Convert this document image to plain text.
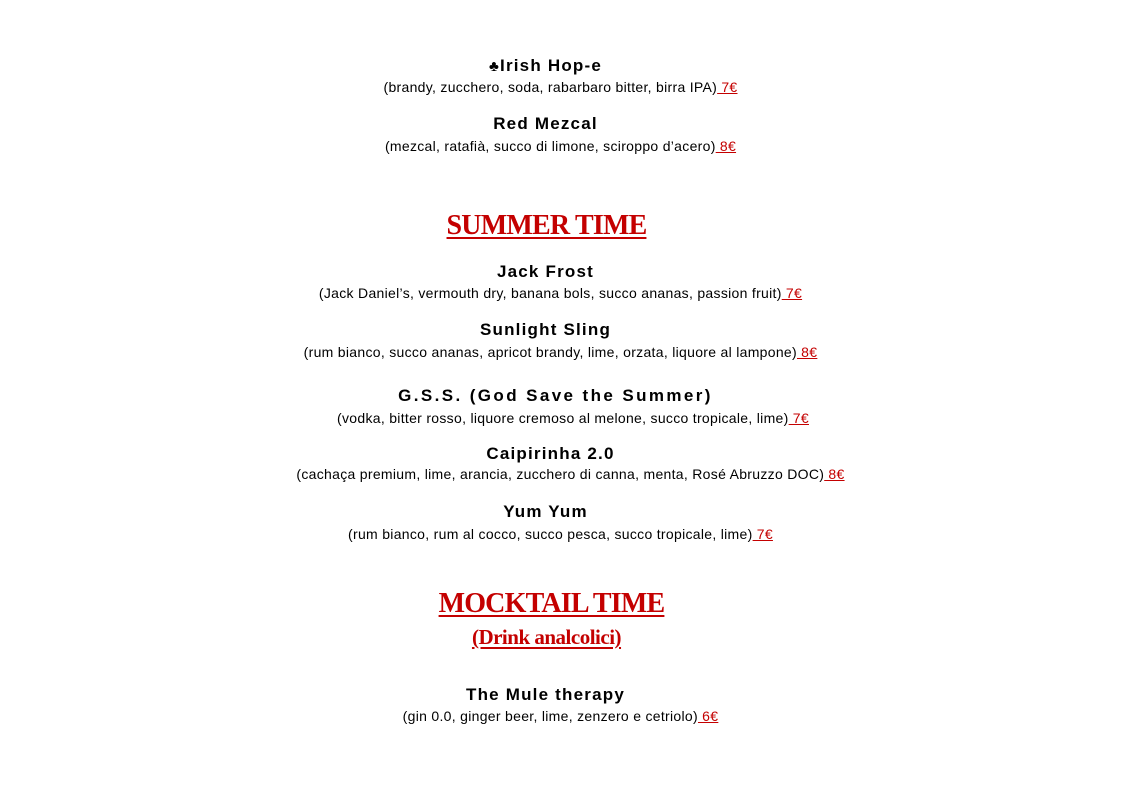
♣Irish Hop-e
(brandy, zucchero, soda, rabarbaro bitter, birra IPA) 7€
Red Mezcal
(mezcal, ratafià, succo di limone, sciroppo d’acero) 8€
SUMMER TIME
Jack Frost
(Jack Daniel’s, vermouth dry, banana bols, succo ananas, passion fruit) 7€
Sunlight Sling
(rum bianco, succo ananas, apricot brandy, lime, orzata, liquore al lampone) 8€
G.S.S. (God Save the Summer)
(vodka, bitter rosso, liquore cremoso al melone, succo tropicale, lime) 7€
Caipirinha 2.0
(cachaça premium, lime, arancia, zucchero di canna, menta, Rosé Abruzzo DOC) 8€
Yum Yum
(rum bianco, rum al cocco, succo pesca, succo tropicale, lime) 7€
MOCKTAIL TIME
(Drink analcolici)
The Mule therapy
(gin 0.0, ginger beer, lime, zenzero e cetriolo) 6€
